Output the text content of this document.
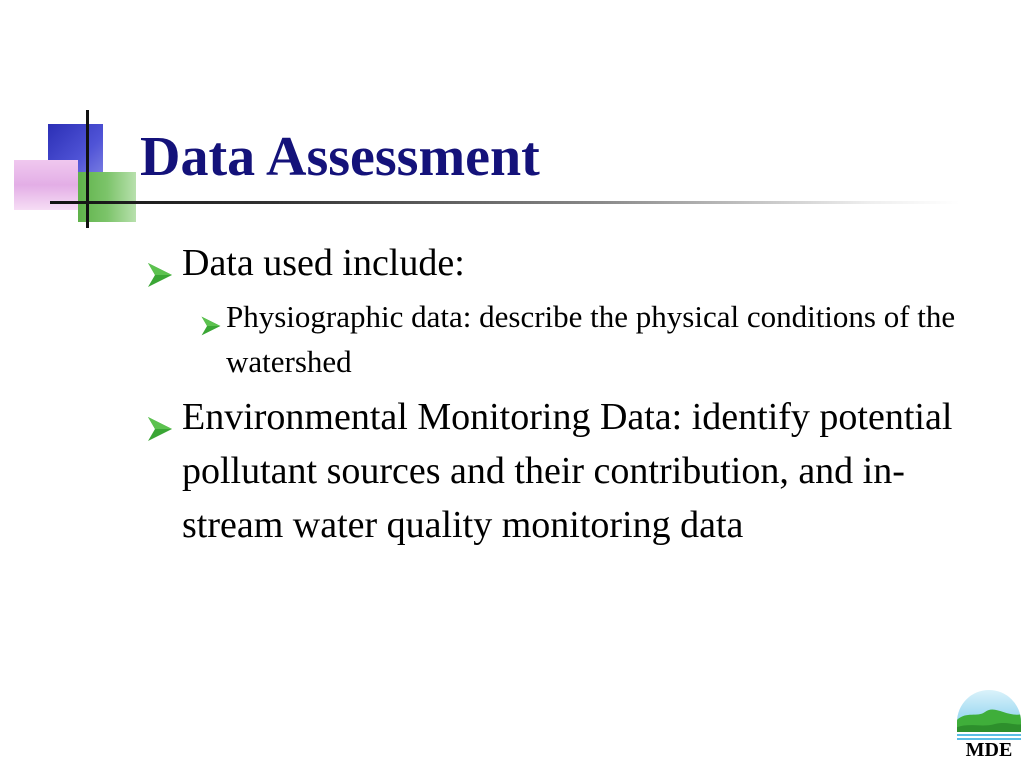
Data Assessment
Data used include:
Physiographic data: describe the physical conditions of the watershed
Environmental Monitoring Data: identify potential pollutant sources and their contribution, and in-stream water quality monitoring data
MDE
